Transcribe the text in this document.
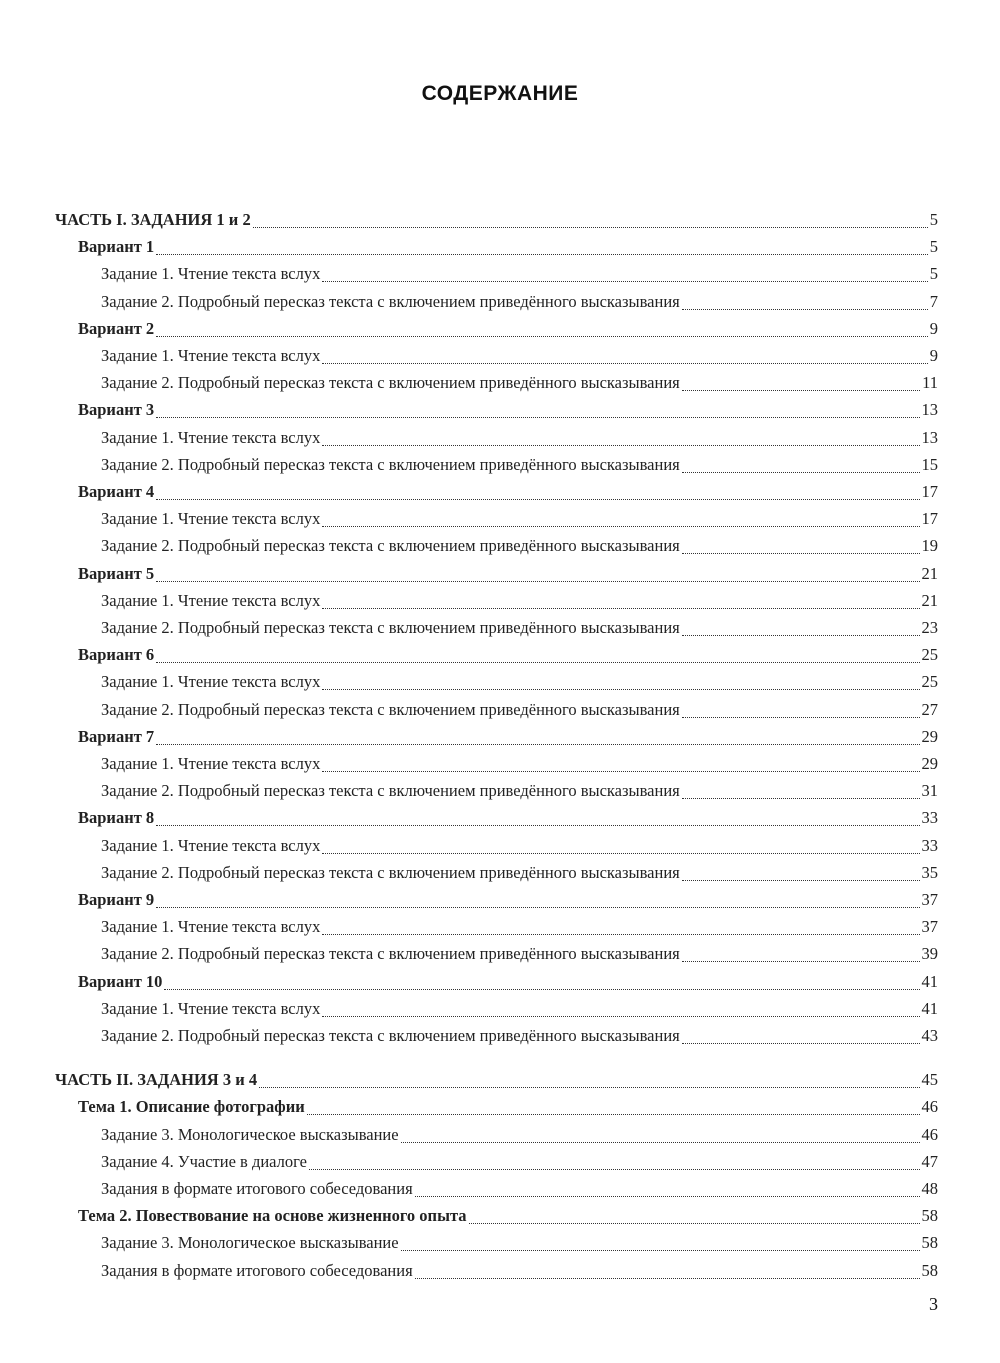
СОДЕРЖАНИЕ
ЧАСТЬ I. ЗАДАНИЯ 1 и 2	5
Вариант 1	5
Задание 1. Чтение текста вслух	5
Задание 2. Подробный пересказ текста с включением приведённого высказывания	7
Вариант 2	9
Задание 1. Чтение текста вслух	9
Задание 2. Подробный пересказ текста с включением приведённого высказывания	11
Вариант 3	13
Задание 1. Чтение текста вслух	13
Задание 2. Подробный пересказ текста с включением приведённого высказывания	15
Вариант 4	17
Задание 1. Чтение текста вслух	17
Задание 2. Подробный пересказ текста с включением приведённого высказывания	19
Вариант 5	21
Задание 1. Чтение текста вслух	21
Задание 2. Подробный пересказ текста с включением приведённого высказывания	23
Вариант 6	25
Задание 1. Чтение текста вслух	25
Задание 2. Подробный пересказ текста с включением приведённого высказывания	27
Вариант 7	29
Задание 1. Чтение текста вслух	29
Задание 2. Подробный пересказ текста с включением приведённого высказывания	31
Вариант 8	33
Задание 1. Чтение текста вслух	33
Задание 2. Подробный пересказ текста с включением приведённого высказывания	35
Вариант 9	37
Задание 1. Чтение текста вслух	37
Задание 2. Подробный пересказ текста с включением приведённого высказывания	39
Вариант 10	41
Задание 1. Чтение текста вслух	41
Задание 2. Подробный пересказ текста с включением приведённого высказывания	43
ЧАСТЬ II. ЗАДАНИЯ 3 и 4	45
Тема 1. Описание фотографии	46
Задание 3. Монологическое высказывание	46
Задание 4. Участие в диалоге	47
Задания в формате итогового собеседования	48
Тема 2. Повествование на основе жизненного опыта	58
Задание 3. Монологическое высказывание	58
Задания в формате итогового собеседования	58
3
